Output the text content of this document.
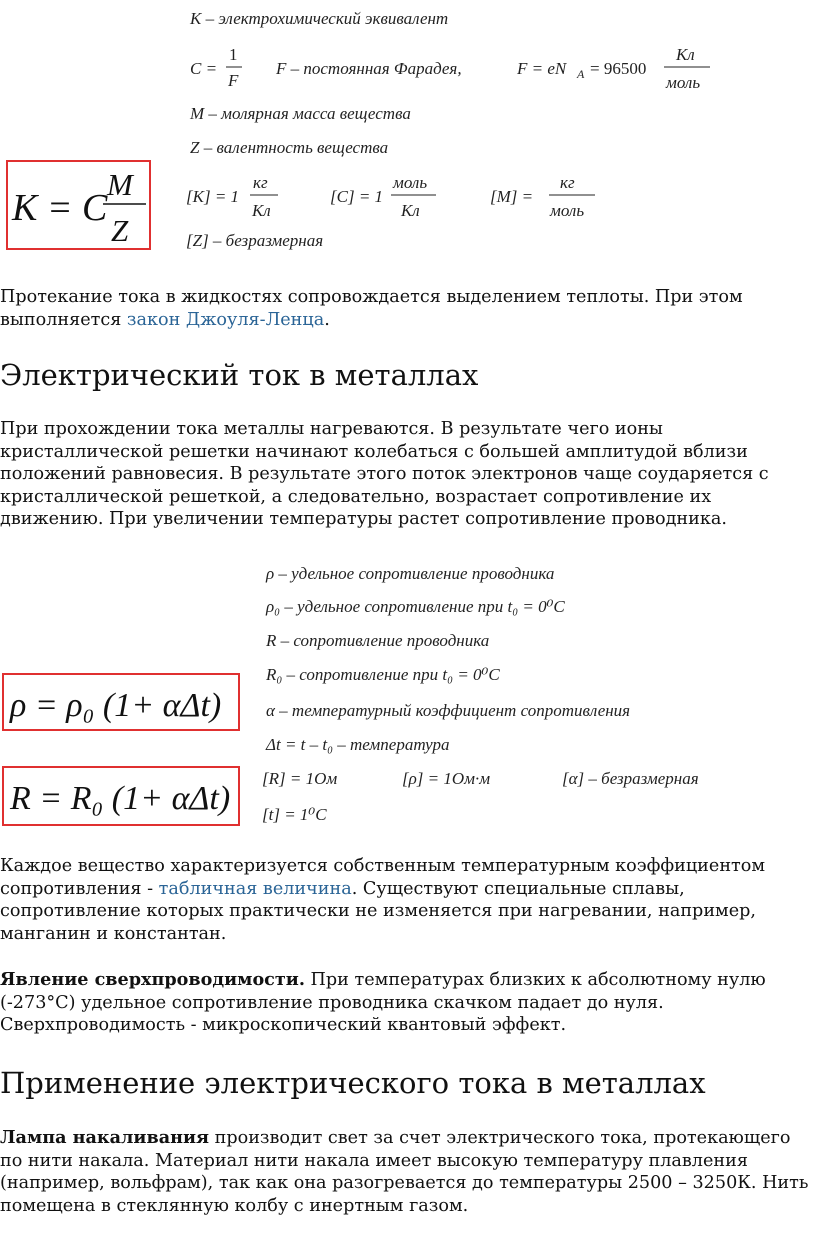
K – электрохимический эквивалент
C =
1
F
F – постоянная Фарадея,	F = eN A = 96500
Кл
моль
M – молярная масса вещества
Z – валентность вещества
[K] = 1
кг
Кл
[C] = 1
моль
Кл
[M] =
кг
моль
[Z] – безразмерная
K = C
M
Z

Протекание тока в жидкостях сопровождается выделением теплоты. При этом выполняется закон Джоуля-Ленца.

Электрический ток в металлах

При прохождении тока металлы нагреваются. В результате чего ионы кристаллической решетки начинают колебаться с большей амплитудой вблизи положений равновесия. В результате этого поток электронов чаще соударяется с кристаллической решеткой, а следовательно, возрастает сопротивление их движению. При увеличении температуры растет сопротивление проводника.

ρ – удельное сопротивление проводника
ρ₀ – удельное сопротивление при t₀ = 0⁰C
R – сопротивление проводника
R₀ – сопротивление при t₀ = 0⁰C
α – температурный коэффициент сопротивления
Δt = t – t₀ – температура
[R] = 1Ом	[ρ] = 1Ом·м	[α] – безразмерная
[t] = 1⁰C
ρ = ρ₀ (1+ αΔt)
R = R₀ (1+ αΔt)

Каждое вещество характеризуется собственным температурным коэффициентом сопротивления - табличная величина. Существуют специальные сплавы, сопротивление которых практически не изменяется при нагревании, например, манганин и константан.

Явление сверхпроводимости. При температурах близких к абсолютному нулю (-273°С) удельное сопротивление проводника скачком падает до нуля. Сверхпроводимость - микроскопический квантовый эффект.

Применение электрического тока в металлах

Лампа накаливания производит свет за счет электрического тока, протекающего по нити накала. Материал нити накала имеет высокую температуру плавления (например, вольфрам), так как она разогревается до температуры 2500 – 3250К. Нить помещена в стеклянную колбу с инертным газом.
